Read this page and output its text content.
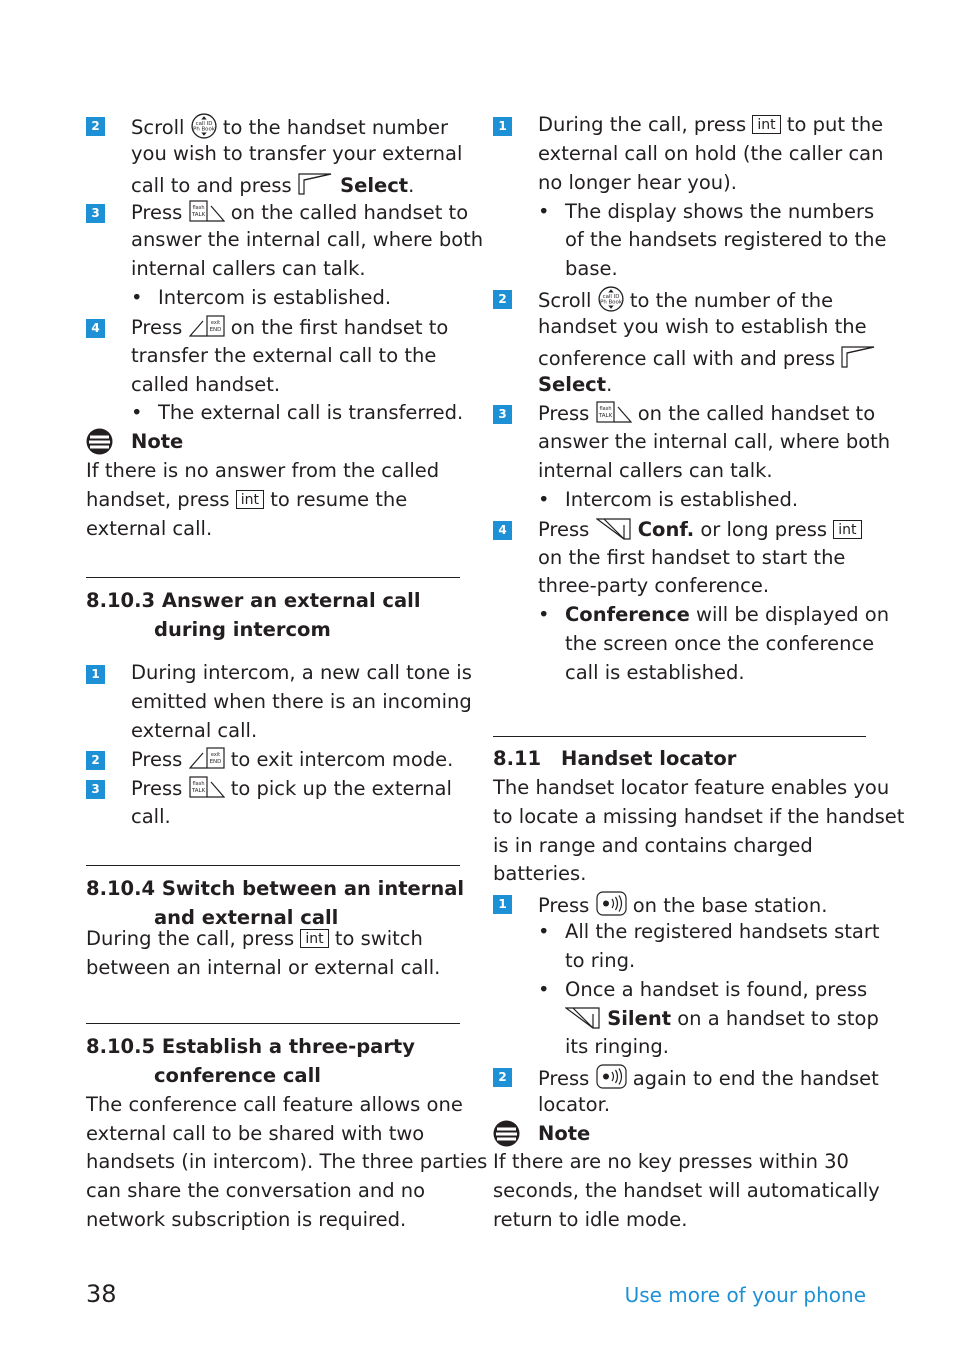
2 Scroll to the handset number
you wish to transfer your external
call to and press Select.
3 Press on the called handset to
answer the internal call, where both
internal callers can talk.
• Intercom is established.
4 Press on the first handset to
transfer the external call to the
called handset.
• The external call is transferred.
Note
If there is no answer from the called
handset, press int to resume the
external call.
8.10.3 Answer an external call
during intercom
1 During intercom, a new call tone is
emitted when there is an incoming
external call.
2 Press to exit intercom mode.
3 Press to pick up the external
call.
8.10.4 Switch between an internal
and external call
During the call, press int to switch
between an internal or external call.
8.10.5 Establish a three-party
conference call
The conference call feature allows one
external call to be shared with two
handsets (in intercom). The three parties
can share the conversation and no
network subscription is required.
1 During the call, press int to put the
external call on hold (the caller can
no longer hear you).
• The display shows the numbers
of the handsets registered to the
base.
2 Scroll to the number of the
handset you wish to establish the
conference call with and press
Select.
3 Press on the called handset to
answer the internal call, where both
internal callers can talk.
• Intercom is established.
4 Press Conf. or long press int
on the first handset to start the
three-party conference.
• Conference will be displayed on
the screen once the conference
call is established.
8.11 Handset locator
The handset locator feature enables you
to locate a missing handset if the handset
is in range and contains charged
batteries.
1 Press on the base station.
• All the registered handsets start
to ring.
• Once a handset is found, press
Silent on a handset to stop
its ringing.
2 Press again to end the handset
locator.
Note
If there are no key presses within 30
seconds, the handset will automatically
return to idle mode.
38	Use more of your phone
